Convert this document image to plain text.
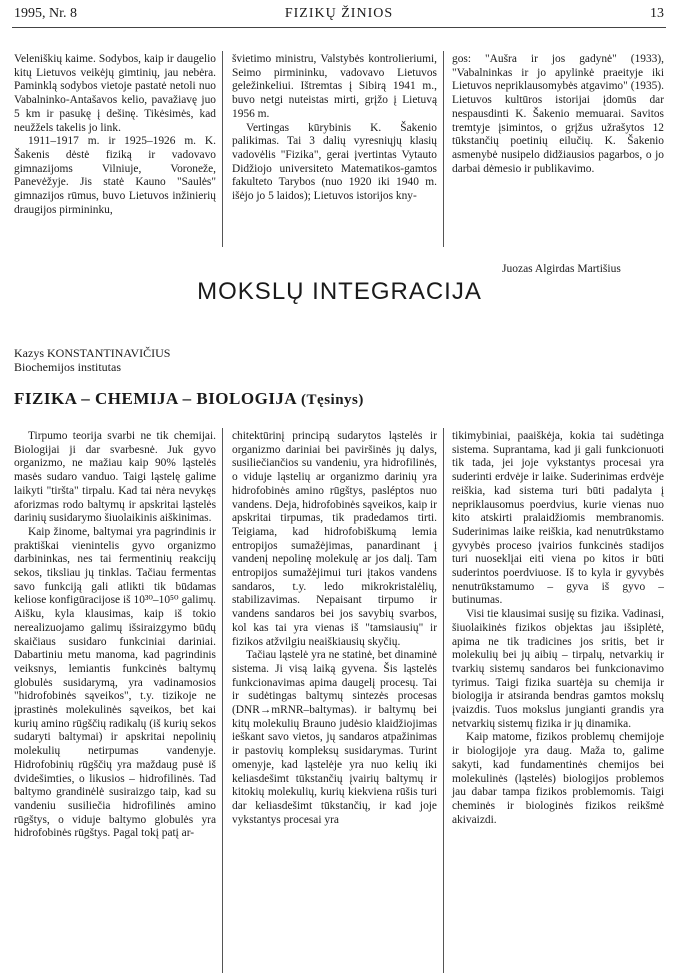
1995, Nr. 8	FIZIKŲ ŽINIOS	13

Veleniškių kaime. Sodybos, kaip ir daugelio kitų Lietuvos veikėjų gimtinių, jau nebėra. Paminklą sodybos vietoje pastatė netoli nuo Vabalninko-Antašavos kelio, pavažiavę juo 5 km ir pasukę į dešinę. Tikėsimės, kad neužžels takelis jo link.

1911–1917 m. ir 1925–1926 m. K. Šakenis dėstė fiziką ir vadovavo gimnazijoms Vilniuje, Voronežе, Panevėžyje. Jis statė Kauno "Saulės" gimnazijos rūmus, buvo Lietuvos inžinierių draugijos pirmininku,

švietimo ministru, Valstybės kontrolieriumi, Seimo pirmininku, vadovavo Lietuvos geležinkeliui. Ištremtas į Sibirą 1941 m., buvo netgi nuteistas mirti, grįžo į Lietuvą 1956 m.

Vertingas kūrybinis K. Šakenio palikimas. Tai 3 dalių vyresniųjų klasių vadovėlis "Fizika", gerai įvertintas Vytauto Didžiojo universiteto Matematikos-gamtos fakulteto Tarybos (nuo 1920 iki 1940 m. išėjo jo 5 laidos); Lietuvos istorijos kny-

gos: "Aušra ir jos gadynė" (1933), "Vabalninkas ir jo apylinkė praeityje iki Lietuvos nepriklausomybės atgavimo" (1935). Lietuvos kultūros istorijai įdomūs dar nespausdinti K. Šakenio memuarai. Savitos tremtyje įsimintos, o grįžus užrašytos 12 tūkstančių poetinių eilučių. K. Šakenio asmenybė nusipelo didžiausios pagarbos, o jo darbai dėmesio ir publikavimo.

Juozas Algirdas Martišius
MOKSLŲ INTEGRACIJA
Kazys KONSTANTINAVIČIUS
Biochemijos institutas
FIZIKA – CHEMIJA – BIOLOGIJA (Tęsinys)

Tirpumo teorija svarbi ne tik chemijai. Biologijai ji dar svarbesnė. Juk gyvo organizmo, ne mažiau kaip 90% ląstelės masės sudaro vanduo. Taigi ląstelę galime laikyti "tiršta" tirpalu. Kad tai nėra nevykęs aforizmas rodo baltymų ir apskritai ląstelės darinių susidarymo šiuolaikinis aiškinimas.

Kaip žinome, baltymai yra pagrindinis ir praktiškai vienintelis gyvo organizmo darbininkas, nes tai fermentinių reakcijų sekos, tiksliau jų tinklas. Tačiau fermentas savo funkciją gali atlikti tik būdamas keliose konfigūracijose iš 10³⁰–10⁵⁰ galimų. Aišku, kyla klausimas, kaip iš tokio nerealizuojamo galimų išsiraizgymo būdų skaičiaus susidaro funkciniai dariniai. Dabartiniu metu manoma, kad pagrindinis veiksnys, lemiantis funkcinės baltymų globulės susidarymą, yra vadinamosios "hidrofobinės sąveikos", t.y. tizikoje ne įprastinės molekulinės sąveikos, bet kai kurių amino rūgščių radikalų (iš kurių sekos sudaryti baltymai) ir apskritai nepolinių molekulių netirpumas vandenyje. Hidrofobinių rūgščių yra maždaug pusė iš dvidešimties, o likusios – hidrofilinės. Tad baltymo grandinėlė susiraizgo taip, kad su vandeniu susiliečia hidrofilinės amino rūgštys, o viduje baltymo globulės yra hidrofobinės rūgštys. Pagal tokį patį ar-

chitektūrinį principą sudarytos ląstelės ir organizmo dariniai bei paviršinės jų dalys, susiliečiančios su vandeniu, yra hidrofilinės, o viduje ląstelių ar organizmo darinių yra hidrofobinės amino rūgštys, pasléptos nuo vandens. Deja, hidrofobinės sąveikos, kaip ir apskritai tirpumas, tik pradedamos tirti. Teigiama, kad hidrofobiškumą lemia entropijos sumažėjimas, panardinant į vandenį nepolinę molekulę ar jos dalį. Tam entropijos sumažėjimui turi įtakos vandens sandaros, t.y. ledo mikrokristalėlių, stabilizavimas. Nepaisant tirpumo ir vandens sandaros bei jos savybių svarbos, kol kas tai yra vienas iš "tamsiausių" ir fizikos atžvilgiu neaiškiausių skyčių.

Tačiau ląstelė yra ne statinė, bet dinaminė sistema. Ji visą laiką gyvena. Šis ląstelės funkcionavimas apima daugelį procesų. Tai ir sudėtingas baltymų sintezės procesas (DNR→mRNR–baltymas). ir baltymų bei kitų molekulių Brauno judėsio klaidžiojimas ieškant savo vietos, jų sandaros atpažinimas ir pastovių kompleksų susidarymas. Turint omenyje, kad ląstelėje yra nuo kelių iki keliasdešimt tūkstančių įvairių baltymų ir kitokių molekulių, kurių kiekviena rūšis turi dar keliasdešimt tūkstančių, ir kad joje vykstantys procesai yra

tikimybiniai, paaiškėja, kokia tai sudėtinga sistema. Suprantama, kad ji gali funkcionuoti tik tada, jei joje vykstantys procesai yra suderinti erdvėje ir laike. Suderinimas erdvėje reiškia, kad sistema turi būti padalyta į nepriklausomus poerdvius, kurie vienas nuo kito atskirti pralaidžiomis membranomis. Suderinimas laike reiškia, kad nenutrūkstamo gyvybės proceso įvairios funkcinės stadijos turi nuoseklįai eiti viena po kitos ir būti suderintos poerdviuose. Iš to kyla ir gyvybės nenutrūkstamumo – gyva iš gyvo – butinumas.

Visi tie klausimai susiję su fizika. Vadinasi, šiuolaikinės fizikos objektas jau išsiplėtė, apima ne tik tradicines jos sritis, bet ir molekulių bei jų aibių – tirpalų, netvarkių ir tvarkių sistemų sandaros bei funkcionavimo tyrimus. Taigi fizika suartėja su chemija ir biologija ir atsiranda bendras gamtos mokslų įvaizdis. Tuos mokslus jungianti grandis yra netvarkių sistemų fizika ir jų dinamika.

Kaip matome, fizikos problemų chemijoje ir biologijoje yra daug. Maža to, galime sakyti, kad fundamentinės chemijos bei molekulinės (ląstelės) biologijos problemos jau dabar tampa fizikos problemomis. Taigi cheminės ir biologinės fizikos reikšmė akivaizdi.
